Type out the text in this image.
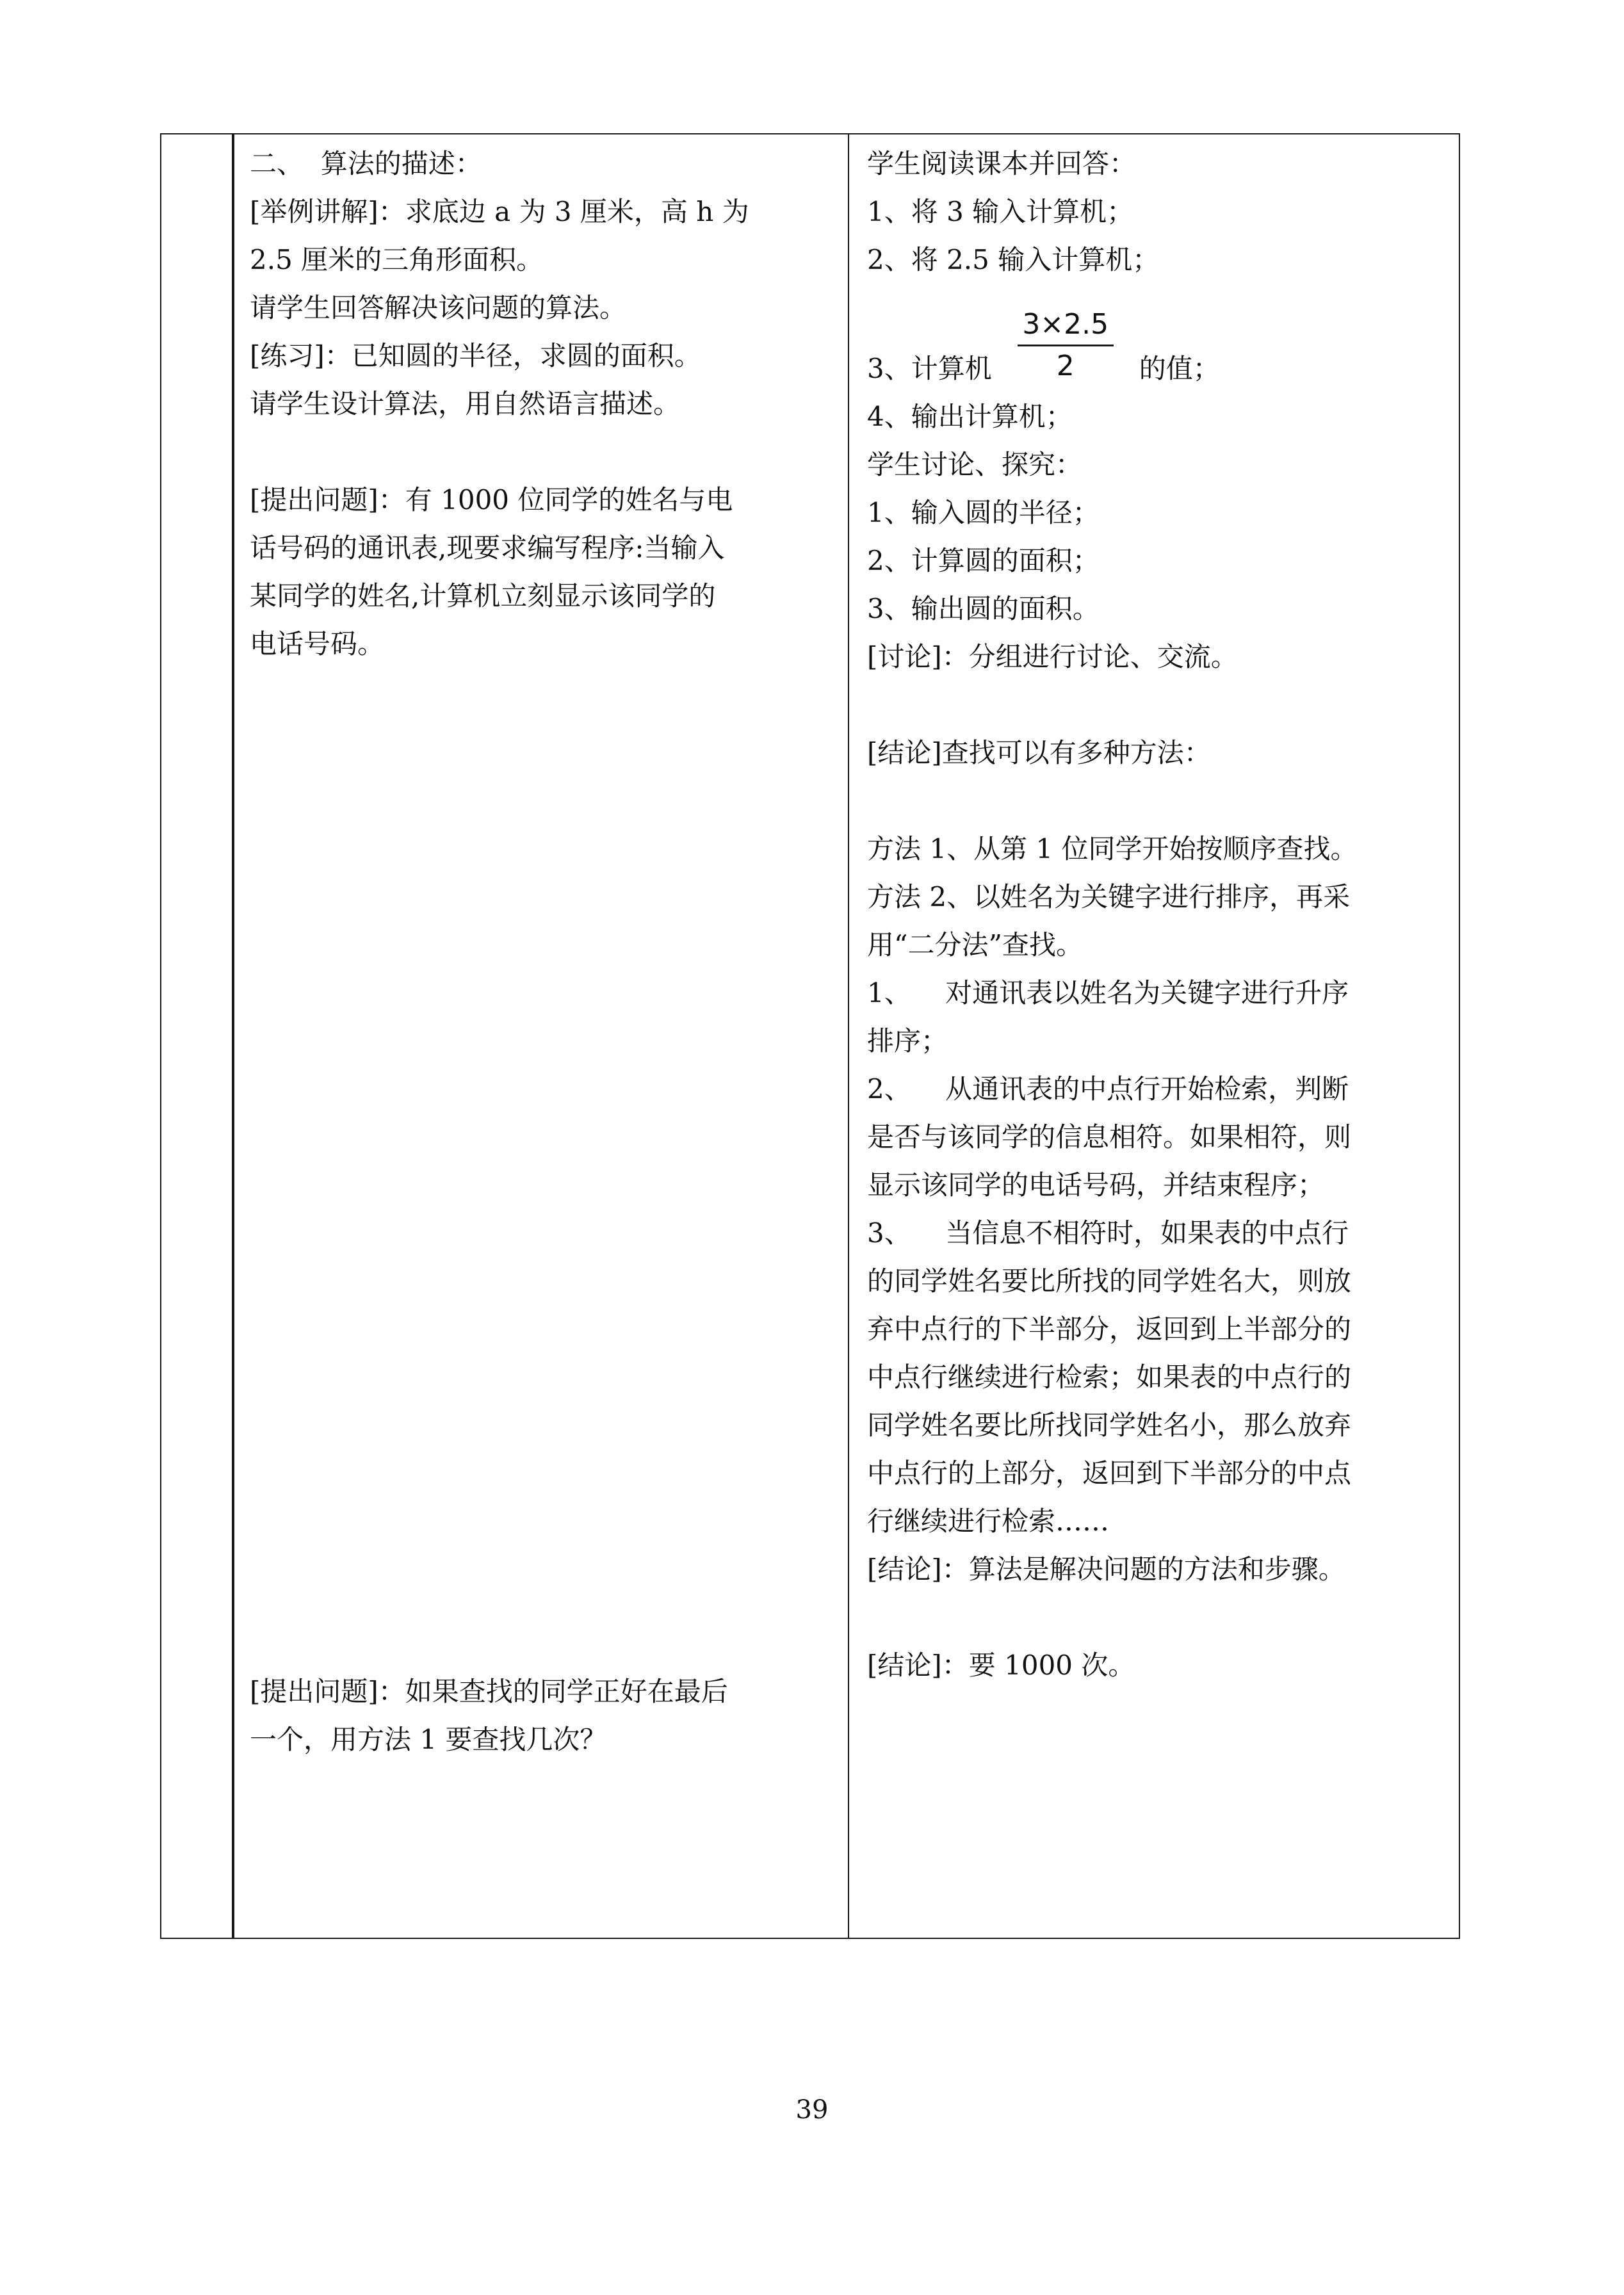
二、  算法的描述：
[举例讲解]：求底边 a 为 3 厘米，高 h 为
2.5 厘米的三角形面积。
请学生回答解决该问题的算法。
[练习]：已知圆的半径，求圆的面积。
请学生设计算法，用自然语言描述。
[提出问题]：有 1000 位同学的姓名与电
话号码的通讯表,现要求编写程序:当输入
某同学的姓名,计算机立刻显示该同学的
电话号码。
[提出问题]：如果查找的同学正好在最后
一个，用方法 1 要查找几次？
学生阅读课本并回答：
1、将 3 输入计算机；
2、将 2.5 输入计算机；
3、计算机 $\frac{3\times 2.5}{2}$ 的值；
4、输出计算机；
学生讨论、探究：
1、输入圆的半径；
2、计算圆的面积；
3、输出圆的面积。
[讨论]：分组进行讨论、交流。
[结论]查找可以有多种方法：
方法 1、从第 1 位同学开始按顺序查找。
方法 2、以姓名为关键字进行排序，再采
用“二分法”查找。
1、    对通讯表以姓名为关键字进行升序
排序；
2、    从通讯表的中点行开始检索，判断
是否与该同学的信息相符。如果相符，则
显示该同学的电话号码，并结束程序；
3、    当信息不相符时，如果表的中点行
的同学姓名要比所找的同学姓名大，则放
弃中点行的下半部分，返回到上半部分的
中点行继续进行检索；如果表的中点行的
同学姓名要比所找同学姓名小，那么放弃
中点行的上部分，返回到下半部分的中点
行继续进行检索……
[结论]：算法是解决问题的方法和步骤。
[结论]：要 1000 次。
39
